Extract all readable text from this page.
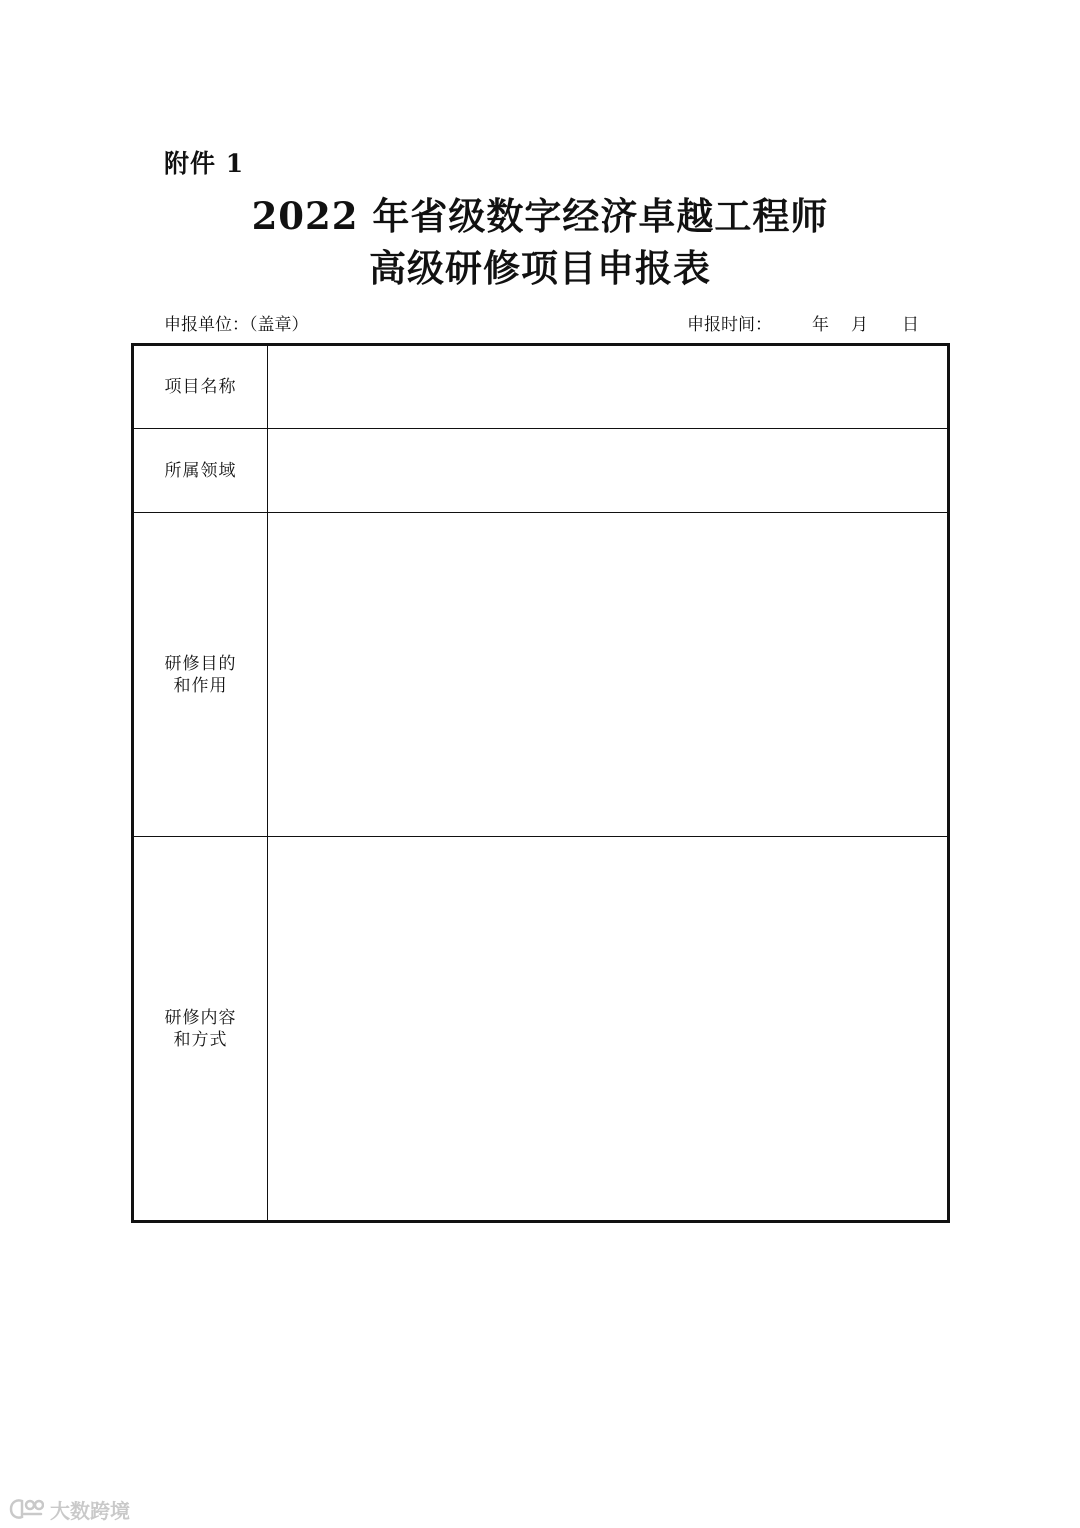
附件 1
2022 年省级数字经济卓越工程师
高级研修项目申报表
申报单位：（盖章）	申报时间： 年 月 日
项目名称	

所属领域	

研修目的
和作用	

研修内容
和方式	

大数跨境
